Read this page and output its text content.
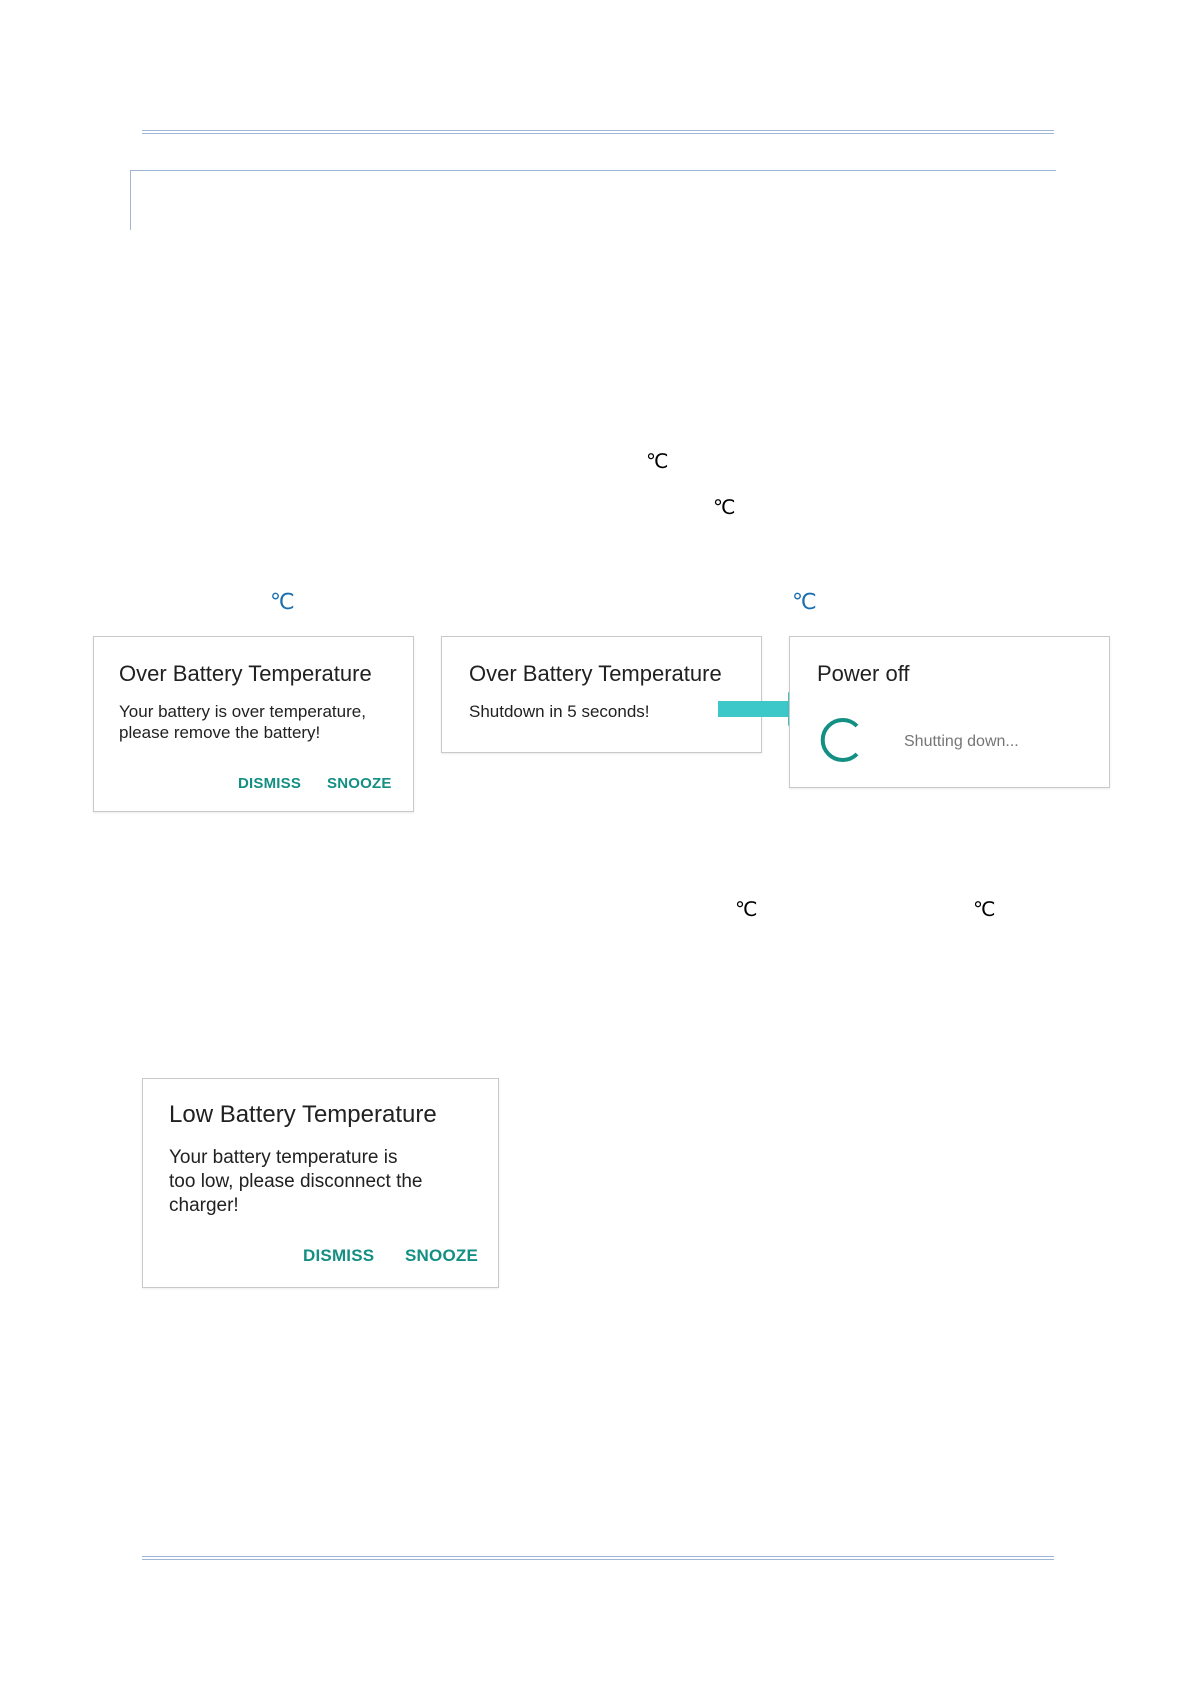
℃
℃
℃	℃
℃	℃
Over Battery Temperature
Your battery is over temperature,
please remove the battery!
DISMISS SNOOZE
Over Battery Temperature
Shutdown in 5 seconds!
Power off
Shutting down...
Low Battery Temperature
Your battery temperature is
too low, please disconnect the
charger!
DISMISS SNOOZE
